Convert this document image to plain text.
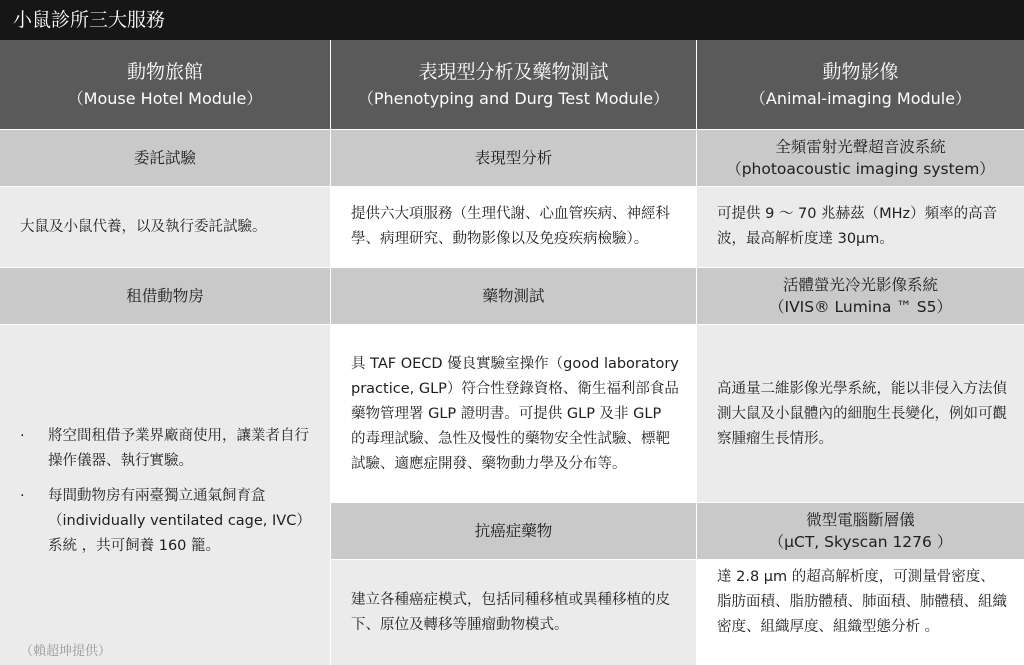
小鼠診所三大服務
動物旅館
（Mouse Hotel Module）
表現型分析及藥物測試
（Phenotyping and Durg Test Module）
動物影像
（Animal-imaging Module）
委託試驗
大鼠及小鼠代養，以及執行委託試驗。
租借動物房
·	將空間租借予業界廠商使用，讓業者自行操作儀器、執行實驗。
·	每間動物房有兩臺獨立通氣飼育盒（individually ventilated cage, IVC）系統 ，共可飼養 160 籠。
（賴超坤提供）
表現型分析
提供六大項服務（生理代謝、心血管疾病、神經科學、病理研究、動物影像以及免疫疾病檢驗）。
藥物測試
具 TAF OECD 優良實驗室操作（good laboratory practice, GLP）符合性登錄資格、衛生福利部食品藥物管理署 GLP 證明書。可提供 GLP 及非 GLP 的毒理試驗、急性及慢性的藥物安全性試驗、標靶試驗、適應症開發、藥物動力學及分布等。
抗癌症藥物
建立各種癌症模式，包括同種移植或異種移植的皮下、原位及轉移等腫瘤動物模式。
全頻雷射光聲超音波系統
（photoacoustic imaging system）
可提供 9 ～ 70 兆赫茲（MHz）頻率的高音波，最高解析度達 30μm。
活體螢光冷光影像系統
（IVIS® Lumina ™ S5）
高通量二維影像光學系統，能以非侵入方法偵測大鼠及小鼠體內的細胞生長變化，例如可觀察腫瘤生長情形。
微型電腦斷層儀
（μCT, Skyscan 1276 ）
達 2.8 μm 的超高解析度，可測量骨密度、脂肪面積、脂肪體積、肺面積、肺體積、組織密度、組織厚度、組織型態分析 。
